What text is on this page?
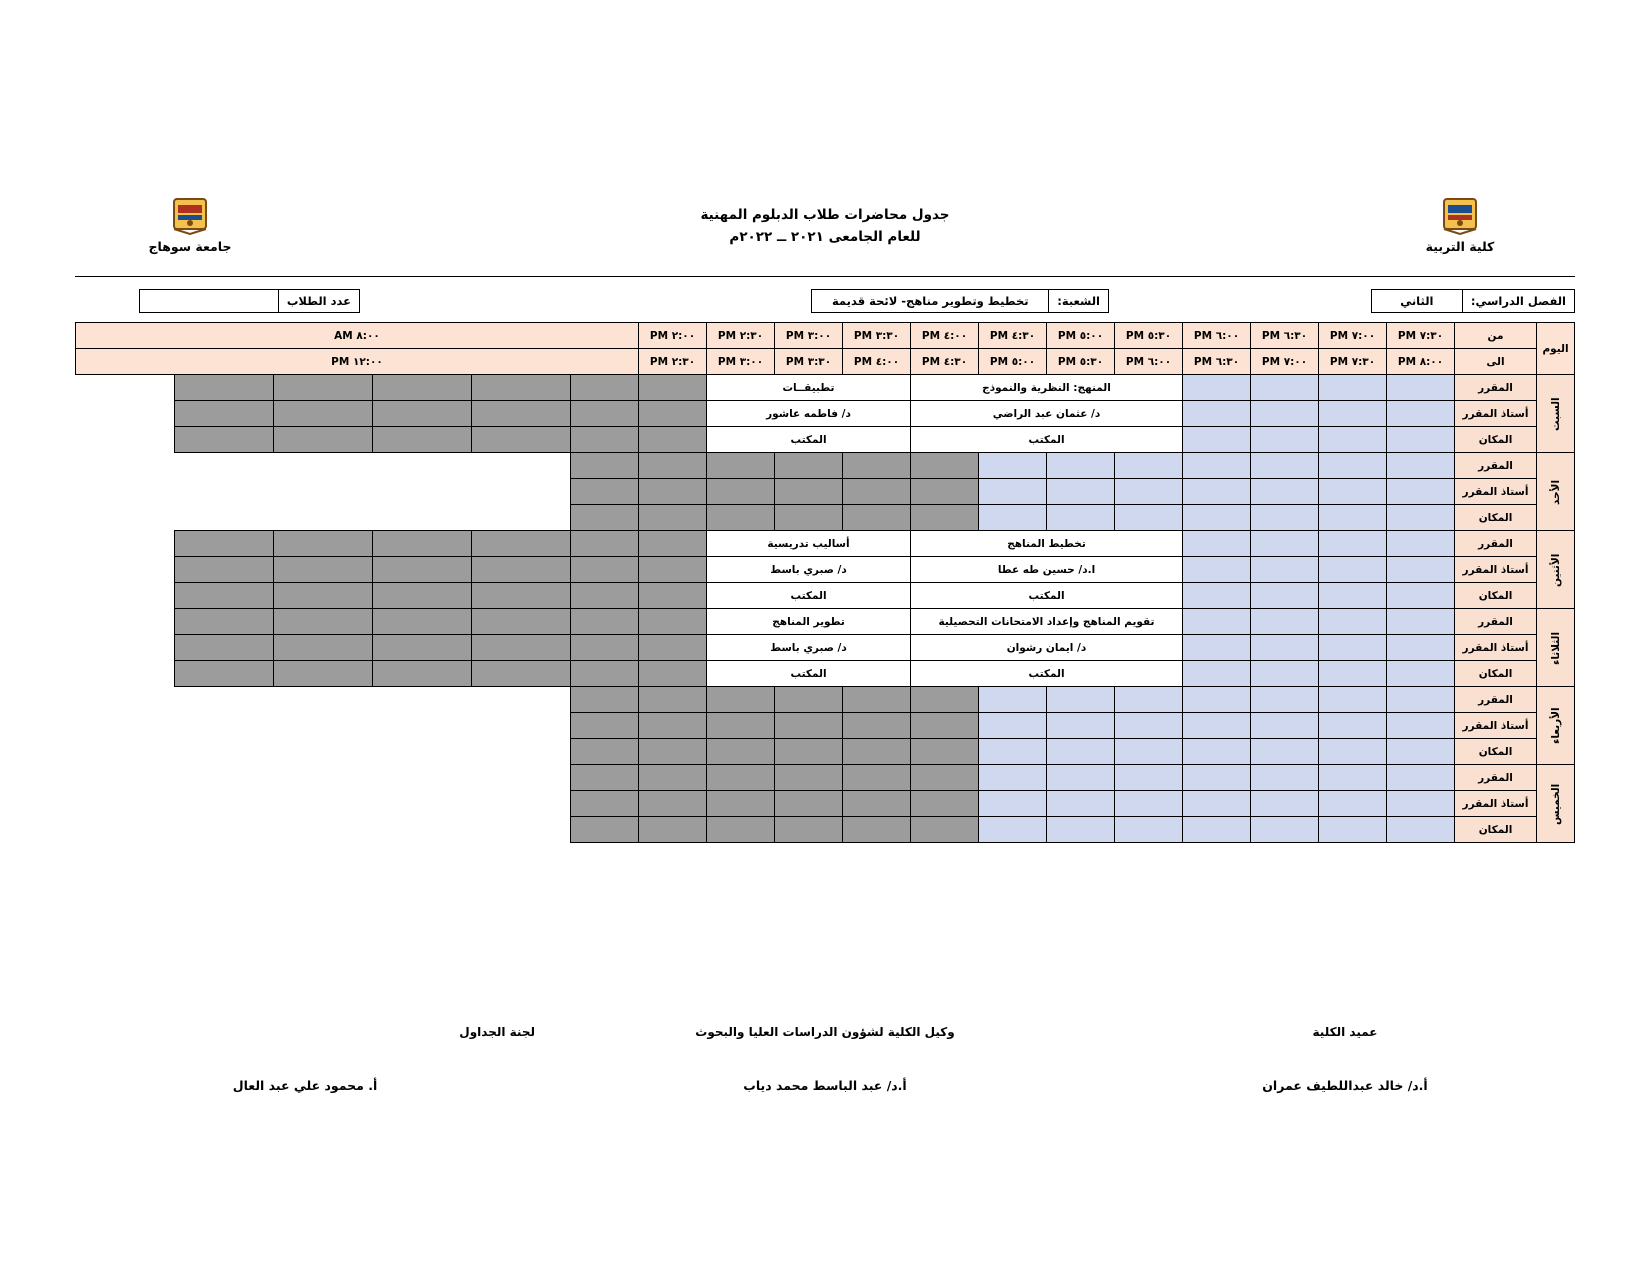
جامعة سوهاج
جدول محاضرات طلاب الدبلوم المهنية
للعام الجامعى ٢٠٢١ ــ ٢٠٢٢م
كلية التربية
الفصل الدراسي:
الثاني
الشعبة:
تخطيط وتطوير مناهج- لائحة قديمة
عدد الطلاب
اليوم	من	٧:٣٠ PM	٧:٠٠ PM	٦:٣٠ PM	٦:٠٠ PM	٥:٣٠ PM	٥:٠٠ PM	٤:٣٠ PM	٤:٠٠ PM	٣:٣٠ PM	٣:٠٠ PM	٢:٣٠ PM	٢:٠٠ PM	٨:٠٠ AM				
	الى	٨:٠٠ PM	٧:٣٠ PM	٧:٠٠ PM	٦:٣٠ PM	٦:٠٠ PM	٥:٣٠ PM	٥:٠٠ PM	٤:٣٠ PM	٤:٠٠ PM	٣:٣٠ PM	٣:٠٠ PM	٢:٣٠ PM	١٢:٠٠ PM				
السبت	المقرر					المنهج: النظرية والنموذج				تطبيقــات								
	أستاذ المقرر					د/ عثمان عبد الراضي				د/ فاطمه عاشور								
	المكان					المكتب				المكتب								
الأحد	المقرر																	
	أستاذ المقرر																	
	المكان																	
الأثنين	المقرر					تخطيط المناهج				أساليب تدريسية								
	أستاذ المقرر					ا.د/ حسين طه عطا				د/ صبري باسط								
	المكان					المكتب				المكتب								
الثلاثاء	المقرر					تقويم المناهج وإعداد الامتحانات التحصيلية				تطوير المناهج								
	أستاذ المقرر					د/ ايمان رشوان				د/ صبري باسط								
	المكان					المكتب				المكتب								
الأربعاء	المقرر																	
	أستاذ المقرر																	
	المكان																	
الخميس	المقرر																	
	أستاذ المقرر																	
	المكان																	
لجنة الجداول	وكيل الكلية لشؤون الدراسات العليا والبحوث	عميد الكلية
أ. محمود علي عبد العال	أ.د/ عبد الباسط محمد دياب	أ.د/ خالد عبداللطيف عمران
